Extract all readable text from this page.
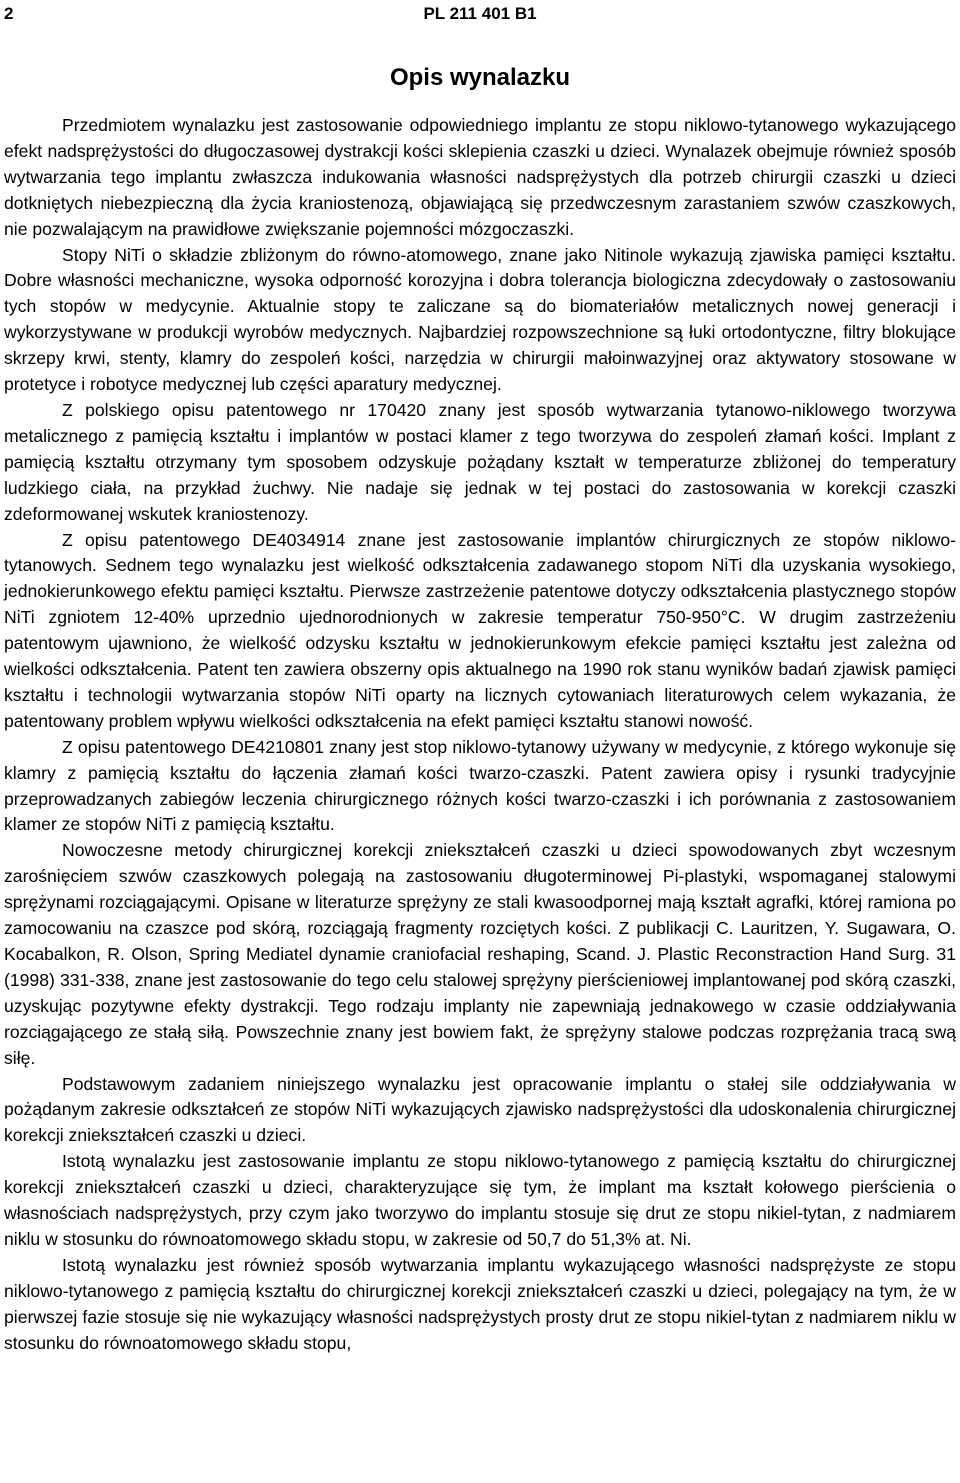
2	PL 211 401 B1
Opis wynalazku

Przedmiotem wynalazku jest zastosowanie odpowiedniego implantu ze stopu niklowo-tytanowego wykazującego efekt nadsprężystości do długoczasowej dystrakcji kości sklepienia czaszki u dzieci. Wynalazek obejmuje również sposób wytwarzania tego implantu zwłaszcza indukowania własności nadsprężystych dla potrzeb chirurgii czaszki u dzieci dotkniętych niebezpieczną dla życia kraniostenozą, objawiającą się przedwczesnym zarastaniem szwów czaszkowych, nie pozwalającym na prawidłowe zwiększanie pojemności mózgoczaszki.

Stopy NiTi o składzie zbliżonym do równo-atomowego, znane jako Nitinole wykazują zjawiska pamięci kształtu. Dobre własności mechaniczne, wysoka odporność korozyjna i dobra tolerancja biologiczna zdecydowały o zastosowaniu tych stopów w medycynie. Aktualnie stopy te zaliczane są do biomateriałów metalicznych nowej generacji i wykorzystywane w produkcji wyrobów medycznych. Najbardziej rozpowszechnione są łuki ortodontyczne, filtry blokujące skrzepy krwi, stenty, klamry do zespoleń kości, narzędzia w chirurgii małoinwazyjnej oraz aktywatory stosowane w protetyce i robotyce medycznej lub części aparatury medycznej.

Z polskiego opisu patentowego nr 170420 znany jest sposób wytwarzania tytanowo-niklowego tworzywa metalicznego z pamięcią kształtu i implantów w postaci klamer z tego tworzywa do zespoleń złamań kości. Implant z pamięcią kształtu otrzymany tym sposobem odzyskuje pożądany kształt w temperaturze zbliżonej do temperatury ludzkiego ciała, na przykład żuchwy. Nie nadaje się jednak w tej postaci do zastosowania w korekcji czaszki zdeformowanej wskutek kraniostenozy.

Z opisu patentowego DE4034914 znane jest zastosowanie implantów chirurgicznych ze stopów niklowo-tytanowych. Sednem tego wynalazku jest wielkość odkształcenia zadawanego stopom NiTi dla uzyskania wysokiego, jednokierunkowego efektu pamięci kształtu. Pierwsze zastrzeżenie patentowe dotyczy odkształcenia plastycznego stopów NiTi zgniotem 12-40% uprzednio ujednorodnionych w zakresie temperatur 750-950°C. W drugim zastrzeżeniu patentowym ujawniono, że wielkość odzysku kształtu w jednokierunkowym efekcie pamięci kształtu jest zależna od wielkości odkształcenia. Patent ten zawiera obszerny opis aktualnego na 1990 rok stanu wyników badań zjawisk pamięci kształtu i technologii wytwarzania stopów NiTi oparty na licznych cytowaniach literaturowych celem wykazania, że patentowany problem wpływu wielkości odkształcenia na efekt pamięci kształtu stanowi nowość.

Z opisu patentowego DE4210801 znany jest stop niklowo-tytanowy używany w medycynie, z którego wykonuje się klamry z pamięcią kształtu do łączenia złamań kości twarzo-czaszki. Patent zawiera opisy i rysunki tradycyjnie przeprowadzanych zabiegów leczenia chirurgicznego różnych kości twarzo-czaszki i ich porównania z zastosowaniem klamer ze stopów NiTi z pamięcią kształtu.

Nowoczesne metody chirurgicznej korekcji zniekształceń czaszki u dzieci spowodowanych zbyt wczesnym zarośnięciem szwów czaszkowych polegają na zastosowaniu długoterminowej Pi-plastyki, wspomaganej stalowymi sprężynami rozciągającymi. Opisane w literaturze sprężyny ze stali kwasoodpornej mają kształt agrafki, której ramiona po zamocowaniu na czaszce pod skórą, rozciągają fragmenty rozciętych kości. Z publikacji C. Lauritzen, Y. Sugawara, O. Kocabalkon, R. Olson, Spring Mediatel dynamie craniofacial reshaping, Scand. J. Plastic Reconstraction Hand Surg. 31 (1998) 331-338, znane jest zastosowanie do tego celu stalowej sprężyny pierścieniowej implantowanej pod skórą czaszki, uzyskując pozytywne efekty dystrakcji. Tego rodzaju implanty nie zapewniają jednakowego w czasie oddziaływania rozciągającego ze stałą siłą. Powszechnie znany jest bowiem fakt, że sprężyny stalowe podczas rozprężania tracą swą siłę.

Podstawowym zadaniem niniejszego wynalazku jest opracowanie implantu o stałej sile oddziaływania w pożądanym zakresie odkształceń ze stopów NiTi wykazujących zjawisko nadsprężystości dla udoskonalenia chirurgicznej korekcji zniekształceń czaszki u dzieci.

Istotą wynalazku jest zastosowanie implantu ze stopu niklowo-tytanowego z pamięcią kształtu do chirurgicznej korekcji zniekształceń czaszki u dzieci, charakteryzujące się tym, że implant ma kształt kołowego pierścienia o własnościach nadsprężystych, przy czym jako tworzywo do implantu stosuje się drut ze stopu nikiel-tytan, z nadmiarem niklu w stosunku do równoatomowego składu stopu, w zakresie od 50,7 do 51,3% at. Ni.

Istotą wynalazku jest również sposób wytwarzania implantu wykazującego własności nadsprężyste ze stopu niklowo-tytanowego z pamięcią kształtu do chirurgicznej korekcji zniekształceń czaszki u dzieci, polegający na tym, że w pierwszej fazie stosuje się nie wykazujący własności nadsprężystych prosty drut ze stopu nikiel-tytan z nadmiarem niklu w stosunku do równoatomowego składu stopu,
